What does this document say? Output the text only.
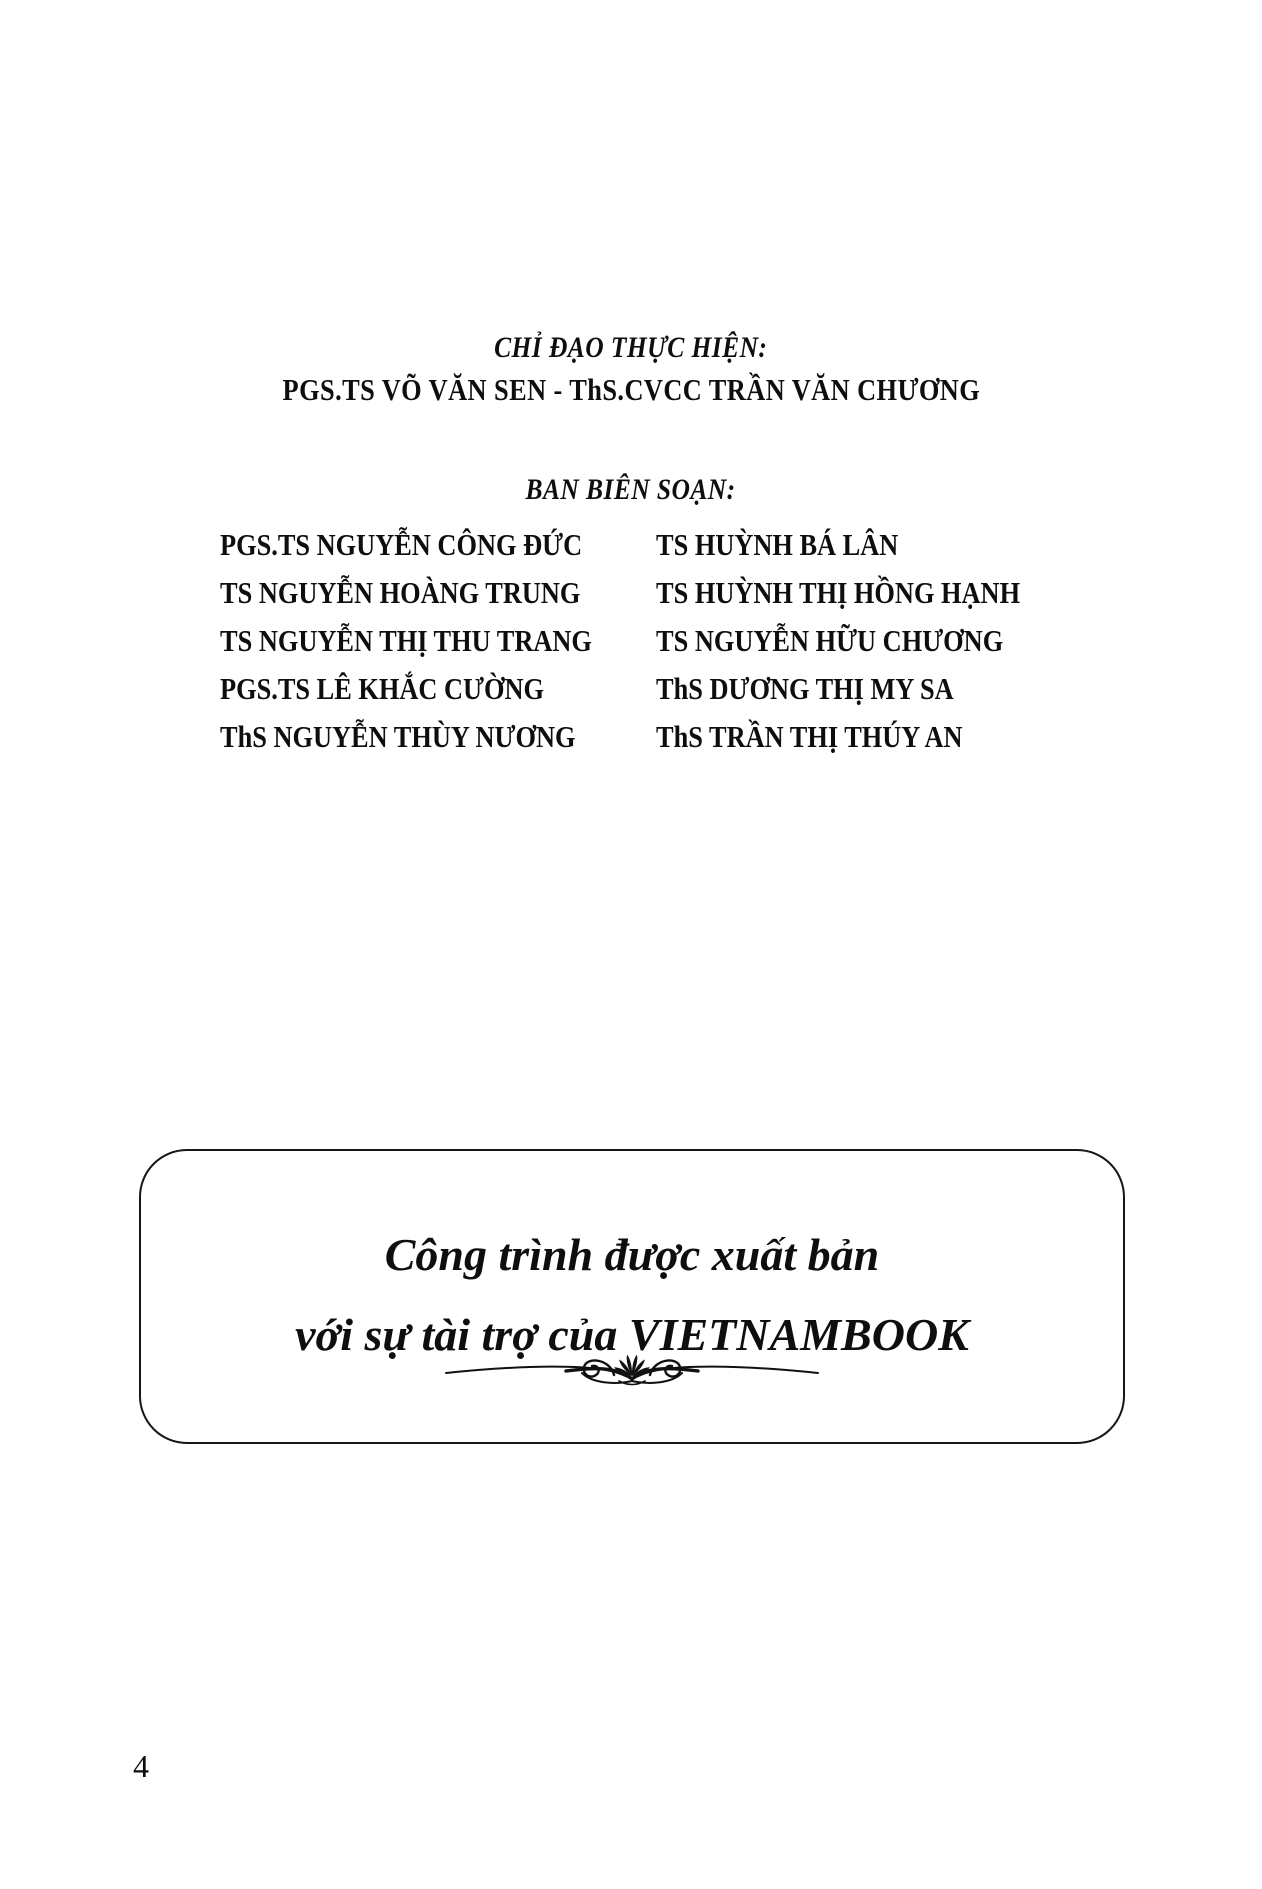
CHỈ ĐẠO THỰC HIỆN:
PGS.TS VÕ VĂN SEN - ThS.CVCC TRẦN VĂN CHƯƠNG
BAN BIÊN SOẠN:
PGS.TS NGUYỄN CÔNG ĐỨC	TS HUỲNH BÁ LÂN
TS NGUYỄN HOÀNG TRUNG	TS HUỲNH THỊ HỒNG HẠNH
TS NGUYỄN THỊ THU TRANG	TS NGUYỄN HỮU CHƯƠNG
PGS.TS LÊ KHẮC CƯỜNG	ThS DƯƠNG THỊ MY SA
ThS NGUYỄN THÙY NƯƠNG	ThS TRẦN THỊ THÚY AN
Công trình được xuất bản
với sự tài trợ của VIETNAMBOOK
4
